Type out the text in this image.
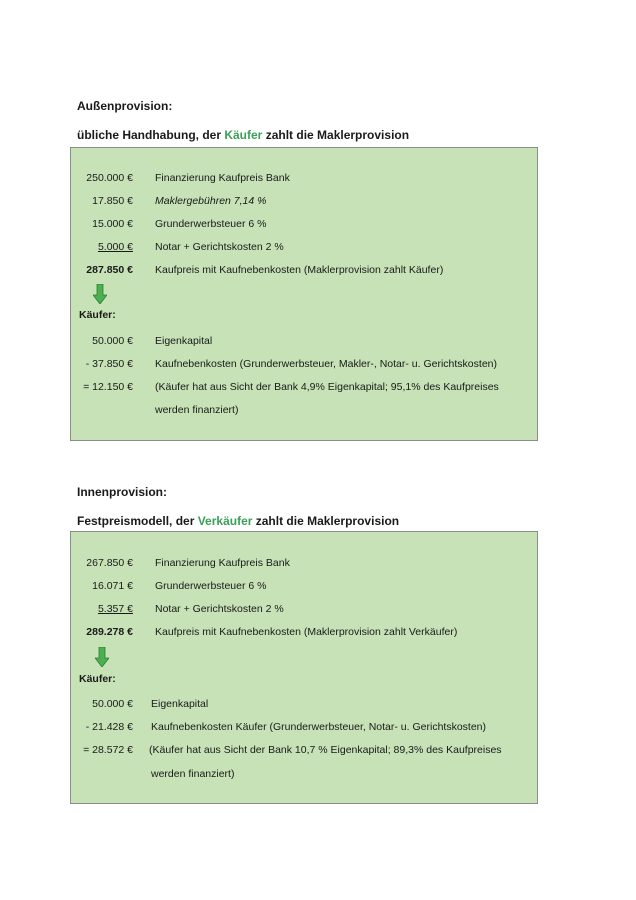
Außenprovision:
übliche Handhabung, der Käufer zahlt die Maklerprovision
250.000 € Finanzierung Kaufpreis Bank
17.850 € Maklergebühren 7,14 %
15.000 € Grunderwerbsteuer 6 %
5.000 € Notar + Gerichtskosten 2 %
287.850 € Kaufpreis mit Kaufnebenkosten (Maklerprovision zahlt Käufer)
Käufer:
50.000 € Eigenkapital
- 37.850 € Kaufnebenkosten (Grunderwerbsteuer, Makler-, Notar- u. Gerichtskosten)
= 12.150 € (Käufer hat aus Sicht der Bank 4,9% Eigenkapital; 95,1% des Kaufpreises
werden finanziert)
Innenprovision:
Festpreismodell, der Verkäufer zahlt die Maklerprovision
267.850 € Finanzierung Kaufpreis Bank
16.071 € Grunderwerbsteuer 6 %
5.357 € Notar + Gerichtskosten 2 %
289.278 € Kaufpreis mit Kaufnebenkosten (Maklerprovision zahlt Verkäufer)
Käufer:
50.000 € Eigenkapital
- 21.428 € Kaufnebenkosten Käufer (Grunderwerbsteuer, Notar- u. Gerichtskosten)
= 28.572 € (Käufer hat aus Sicht der Bank 10,7 % Eigenkapital; 89,3% des Kaufpreises
werden finanziert)
